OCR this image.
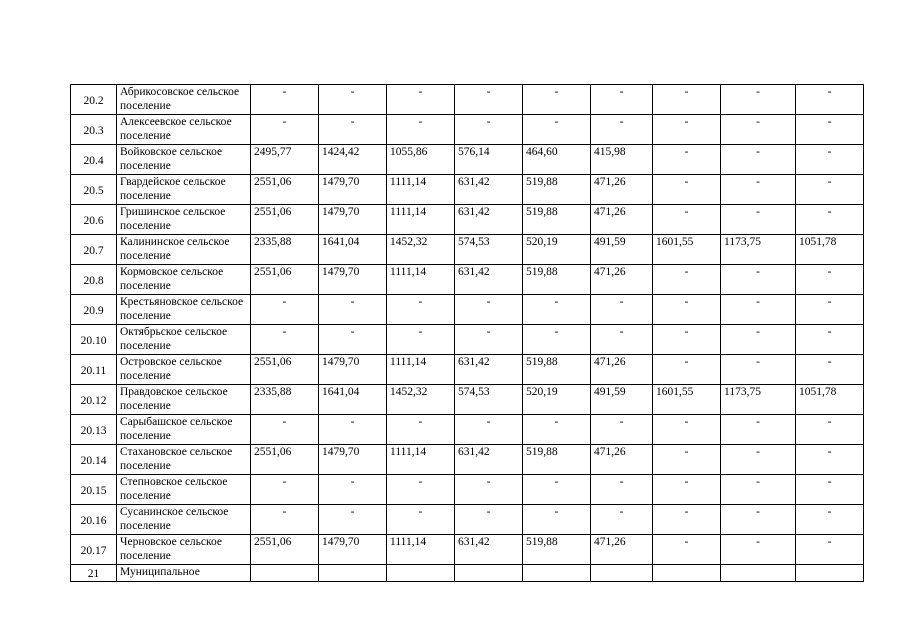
20.2	Абрикосовское сельское поселение	-	-	-	-	-	-	-	-	-
20.3	Алексеевское сельское поселение	-	-	-	-	-	-	-	-	-
20.4	Войковское сельское поселение	2495,77	1424,42	1055,86	576,14	464,60	415,98	-	-	-
20.5	Гвардейское сельское поселение	2551,06	1479,70	1111,14	631,42	519,88	471,26	-	-	-
20.6	Гришинское сельское поселение	2551,06	1479,70	1111,14	631,42	519,88	471,26	-	-	-
20.7	Калининское сельское поселение	2335,88	1641,04	1452,32	574,53	520,19	491,59	1601,55	1173,75	1051,78
20.8	Кормовское сельское поселение	2551,06	1479,70	1111,14	631,42	519,88	471,26	-	-	-
20.9	Крестьяновское сельское поселение	-	-	-	-	-	-	-	-	-
20.10	Октябрьское сельское поселение	-	-	-	-	-	-	-	-	-
20.11	Островское сельское поселение	2551,06	1479,70	1111,14	631,42	519,88	471,26	-	-	-
20.12	Правдовское сельское поселение	2335,88	1641,04	1452,32	574,53	520,19	491,59	1601,55	1173,75	1051,78
20.13	Сарыбашское сельское поселение	-	-	-	-	-	-	-	-	-
20.14	Стахановское сельское поселение	2551,06	1479,70	1111,14	631,42	519,88	471,26	-	-	-
20.15	Степновское сельское поселение	-	-	-	-	-	-	-	-	-
20.16	Сусанинское сельское поселение	-	-	-	-	-	-	-	-	-
20.17	Черновское сельское поселение	2551,06	1479,70	1111,14	631,42	519,88	471,26	-	-	-
21	Муниципальное									
